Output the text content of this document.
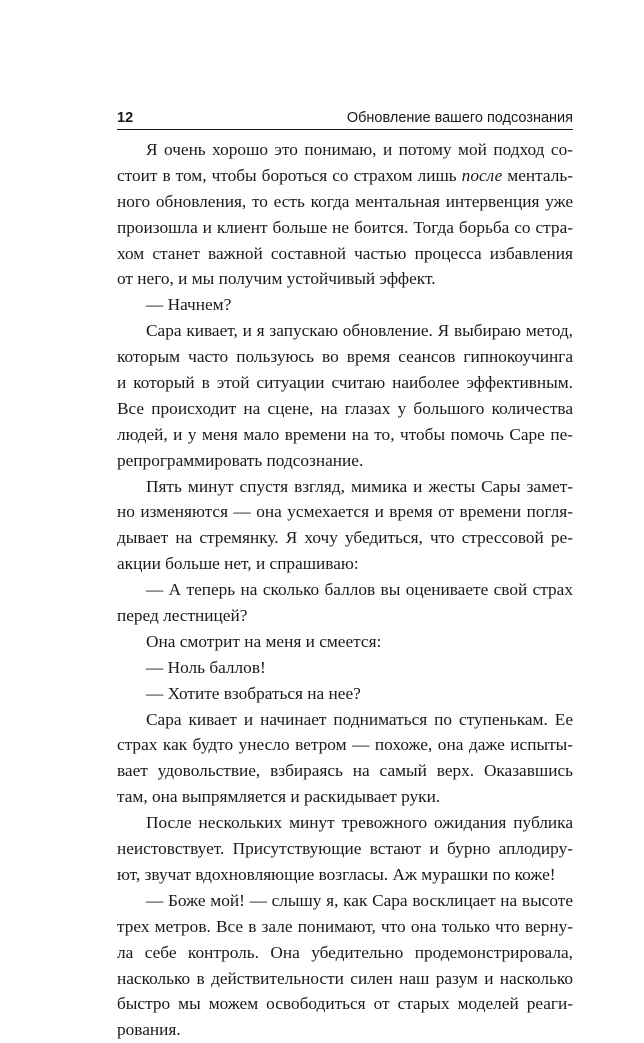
12	Обновление вашего подсознания
Я очень хорошо это понимаю, и потому мой подход со-
стоит в том, чтобы бороться со страхом лишь после менталь-
ного обновления, то есть когда ментальная интервенция уже
произошла и клиент больше не боится. Тогда борьба со стра-
хом станет важной составной частью процесса избавления
от него, и мы получим устойчивый эффект.
— Начнем?
Сара кивает, и я запускаю обновление. Я выбираю метод,
которым часто пользуюсь во время сеансов гипнокоучинга
и который в этой ситуации считаю наиболее эффективным.
Все происходит на сцене, на глазах у большого количества
людей, и у меня мало времени на то, чтобы помочь Саре пе-
репрограммировать подсознание.
Пять минут спустя взгляд, мимика и жесты Сары замет-
но изменяются — она усмехается и время от времени погля-
дывает на стремянку. Я хочу убедиться, что стрессовой ре-
акции больше нет, и спрашиваю:
— А теперь на сколько баллов вы оцениваете свой страх
перед лестницей?
Она смотрит на меня и смеется:
— Ноль баллов!
— Хотите взобраться на нее?
Сара кивает и начинает подниматься по ступенькам. Ее
страх как будто унесло ветром — похоже, она даже испыты-
вает удовольствие, взбираясь на самый верх. Оказавшись
там, она выпрямляется и раскидывает руки.
После нескольких минут тревожного ожидания публика
неистовствует. Присутствующие встают и бурно аплодиру-
ют, звучат вдохновляющие возгласы. Аж мурашки по коже!
— Боже мой! — слышу я, как Сара восклицает на высоте
трех метров. Все в зале понимают, что она только что верну-
ла себе контроль. Она убедительно продемонстрировала,
насколько в действительности силен наш разум и насколько
быстро мы можем освободиться от старых моделей реаги-
рования.
